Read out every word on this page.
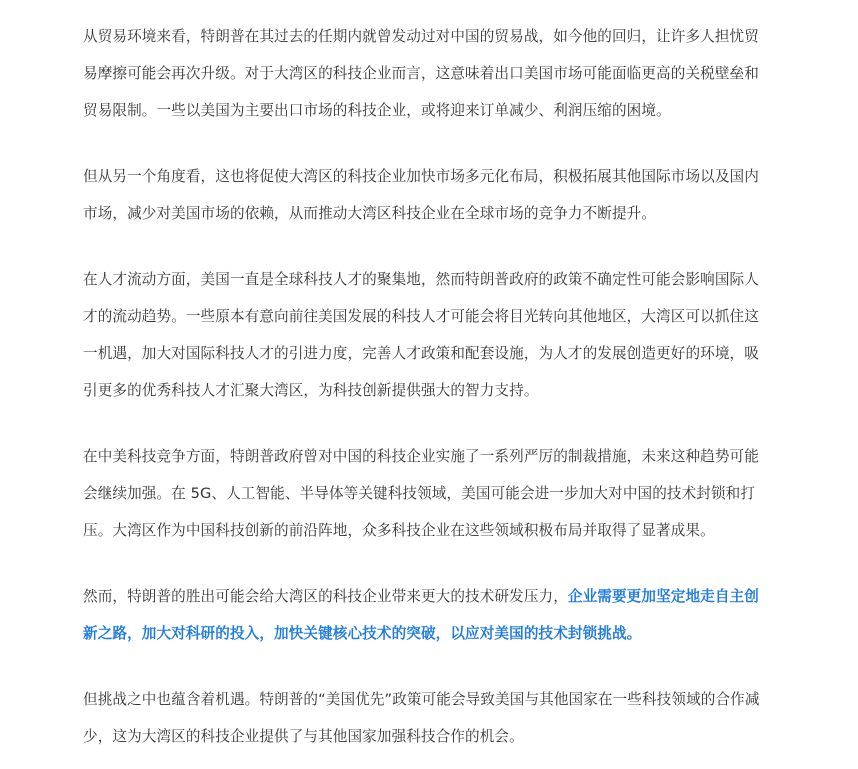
从贸易环境来看，特朗普在其过去的任期内就曾发动过对中国的贸易战，如今他的回归，让许多人担忧贸易摩擦可能会再次升级。对于大湾区的科技企业而言，这意味着出口美国市场可能面临更高的关税壁垒和贸易限制。一些以美国为主要出口市场的科技企业，或将迎来订单减少、利润压缩的困境。

但从另一个角度看，这也将促使大湾区的科技企业加快市场多元化布局，积极拓展其他国际市场以及国内市场，减少对美国市场的依赖，从而推动大湾区科技企业在全球市场的竞争力不断提升。

在人才流动方面，美国一直是全球科技人才的聚集地，然而特朗普政府的政策不确定性可能会影响国际人才的流动趋势。一些原本有意向前往美国发展的科技人才可能会将目光转向其他地区，大湾区可以抓住这一机遇，加大对国际科技人才的引进力度，完善人才政策和配套设施，为人才的发展创造更好的环境，吸引更多的优秀科技人才汇聚大湾区，为科技创新提供强大的智力支持。

在中美科技竞争方面，特朗普政府曾对中国的科技企业实施了一系列严厉的制裁措施，未来这种趋势可能会继续加强。在 5G、人工智能、半导体等关键科技领域，美国可能会进一步加大对中国的技术封锁和打压。大湾区作为中国科技创新的前沿阵地，众多科技企业在这些领域积极布局并取得了显著成果。

然而，特朗普的胜出可能会给大湾区的科技企业带来更大的技术研发压力，企业需要更加坚定地走自主创新之路，加大对科研的投入，加快关键核心技术的突破，以应对美国的技术封锁挑战。

但挑战之中也蕴含着机遇。特朗普的“美国优先”政策可能会导致美国与其他国家在一些科技领域的合作减少，这为大湾区的科技企业提供了与其他国家加强科技合作的机会。
